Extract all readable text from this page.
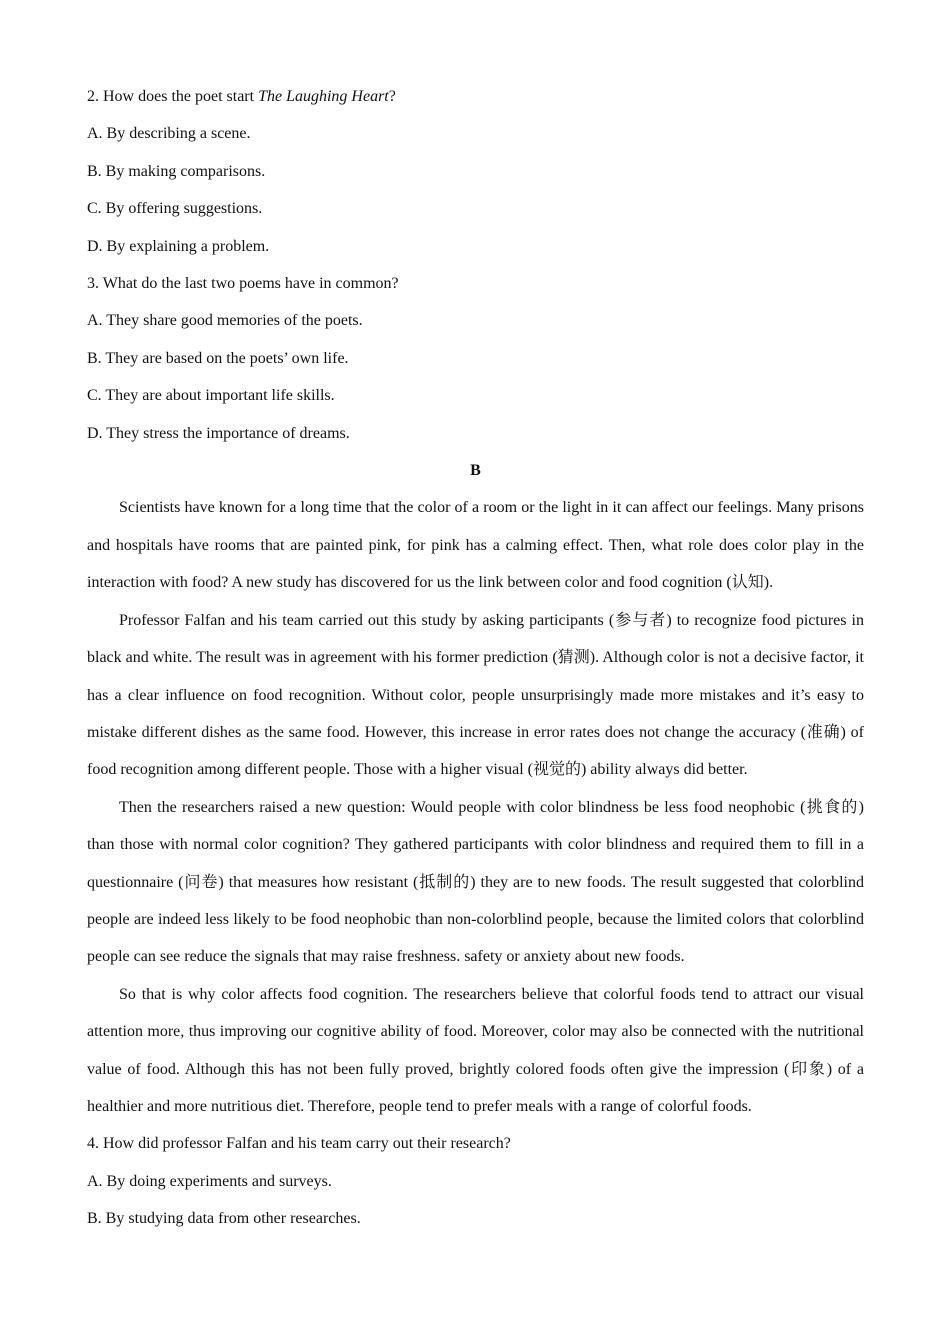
2. How does the poet start The Laughing Heart?

A. By describing a scene.

B. By making comparisons.

C. By offering suggestions.

D. By explaining a problem.

3. What do the last two poems have in common?

A. They share good memories of the poets.

B. They are based on the poets’ own life.

C. They are about important life skills.

D. They stress the importance of dreams.

B

Scientists have known for a long time that the color of a room or the light in it can affect our feelings. Many prisons and hospitals have rooms that are painted pink, for pink has a calming effect. Then, what role does color play in the interaction with food? A new study has discovered for us the link between color and food cognition (认知).

Professor Falfan and his team carried out this study by asking participants (参与者) to recognize food pictures in black and white. The result was in agreement with his former prediction (猜测). Although color is not a decisive factor, it has a clear influence on food recognition. Without color, people unsurprisingly made more mistakes and it’s easy to mistake different dishes as the same food. However, this increase in error rates does not change the accuracy (准确) of food recognition among different people. Those with a higher visual (视觉的) ability always did better.

Then the researchers raised a new question: Would people with color blindness be less food neophobic (挑食的) than those with normal color cognition? They gathered participants with color blindness and required them to fill in a questionnaire (问卷) that measures how resistant (抵制的) they are to new foods. The result suggested that colorblind people are indeed less likely to be food neophobic than non-colorblind people, because the limited colors that colorblind people can see reduce the signals that may raise freshness. safety or anxiety about new foods.

So that is why color affects food cognition. The researchers believe that colorful foods tend to attract our visual attention more, thus improving our cognitive ability of food. Moreover, color may also be connected with the nutritional value of food. Although this has not been fully proved, brightly colored foods often give the impression (印象) of a healthier and more nutritious diet. Therefore, people tend to prefer meals with a range of colorful foods.

4. How did professor Falfan and his team carry out their research?

A. By doing experiments and surveys.

B. By studying data from other researches.
